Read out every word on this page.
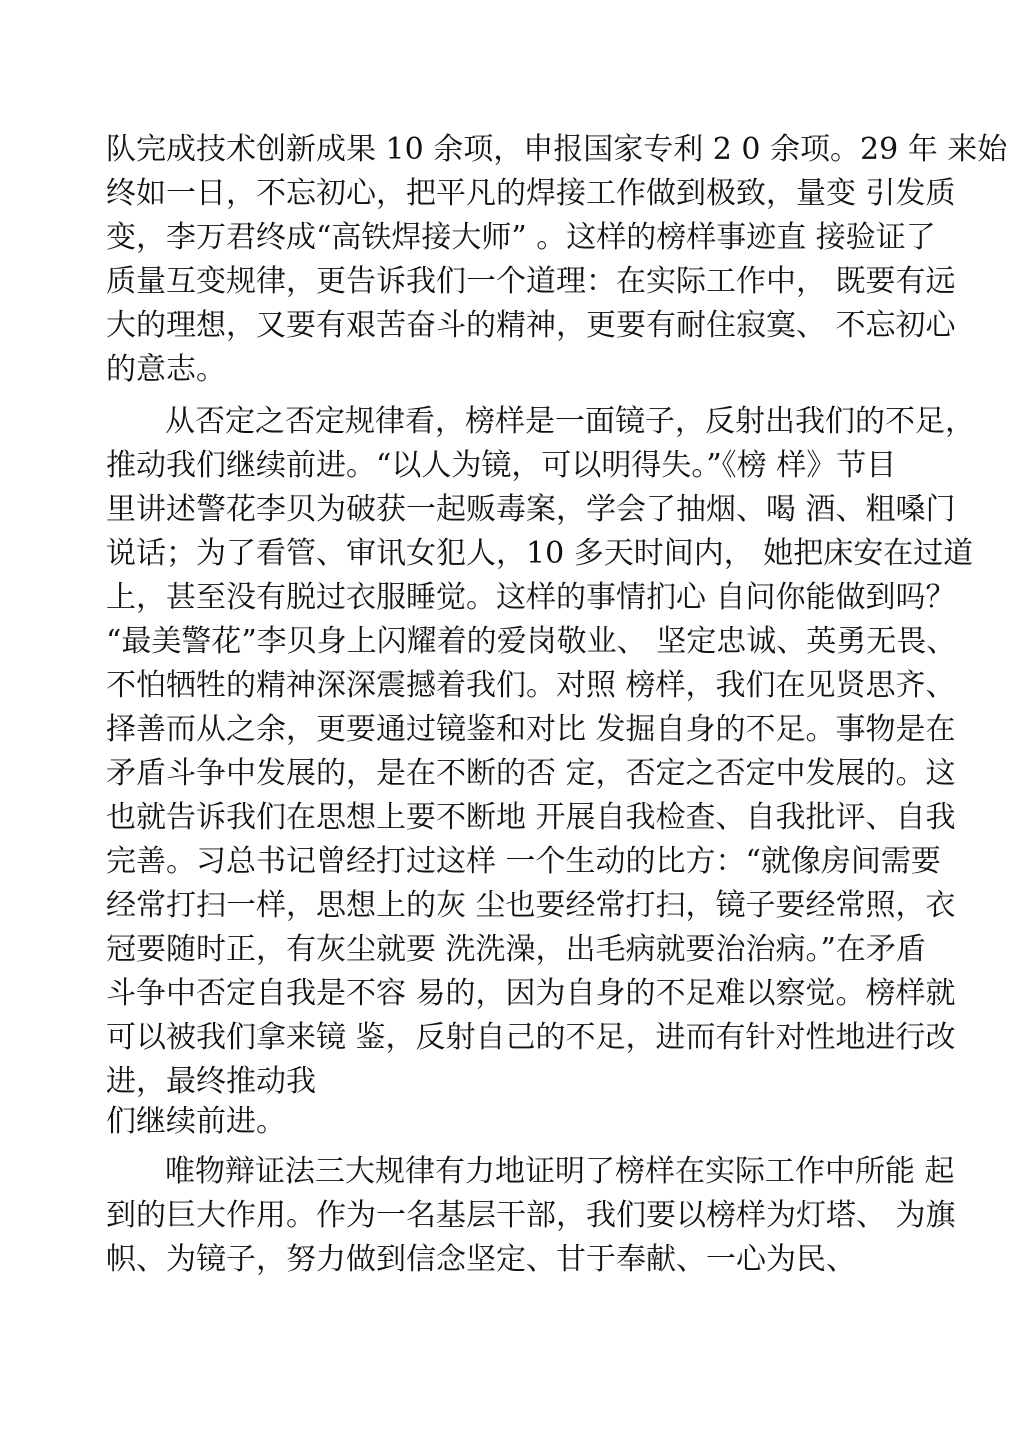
队完成技术创新成果 10 余项，申报国家专利 2 0 余项。29 年 来始

终如一日，不忘初心，把平凡的焊接工作做到极致，量变 引发质

变，李万君终成“高铁焊接大师” 。这样的榜样事迹直 接验证了

质量互变规律，更告诉我们一个道理：在实际工作中， 既要有远

大的理想，又要有艰苦奋斗的精神，更要有耐住寂寞、 不忘初心

的意志。

从否定之否定规律看，榜样是一面镜子，反射出我们的不足，

推动我们继续前进。“以人为镜，可以明得失。”《榜 样》节目

里讲述警花李贝为破获一起贩毒案，学会了抽烟、喝 酒、粗嗓门

说话；为了看管、审讯女犯人，10 多天时间内， 她把床安在过道

上，甚至没有脱过衣服睡觉。这样的事情扪心 自问你能做到吗？

“最美警花”李贝身上闪耀着的爱岗敬业、 坚定忠诚、英勇无畏、

不怕牺牲的精神深深震撼着我们。对照 榜样，我们在见贤思齐、

择善而从之余，更要通过镜鉴和对比 发掘自身的不足。事物是在

矛盾斗争中发展的，是在不断的否 定，否定之否定中发展的。这

也就告诉我们在思想上要不断地 开展自我检查、自我批评、自我

完善。习总书记曾经打过这样 一个生动的比方：“就像房间需要

经常打扫一样，思想上的灰 尘也要经常打扫，镜子要经常照，衣

冠要随时正，有灰尘就要 洗洗澡，出毛病就要治治病。”在矛盾

斗争中否定自我是不容 易的，因为自身的不足难以察觉。榜样就

可以被我们拿来镜 鉴，反射自己的不足，进而有针对性地进行改

进，最终推动我

们继续前进。

唯物辩证法三大规律有力地证明了榜样在实际工作中所能 起

到的巨大作用。作为一名基层干部，我们要以榜样为灯塔、 为旗

帜、为镜子，努力做到信念坚定、甘于奉献、一心为民、
